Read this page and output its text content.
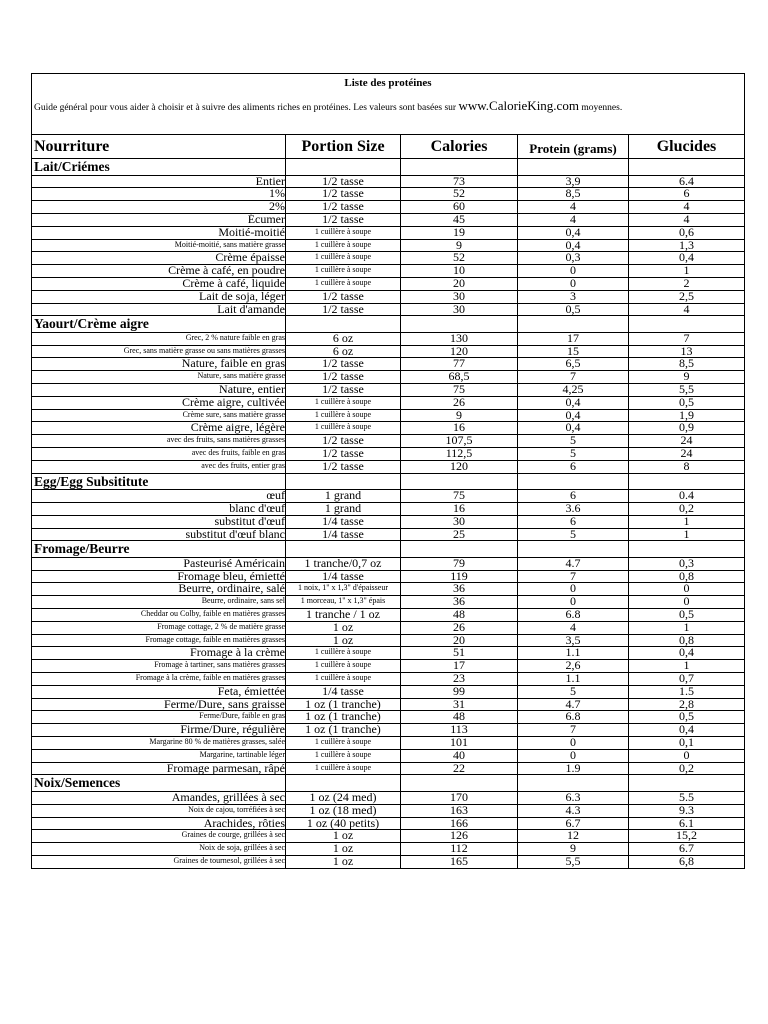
Liste des protéines
Guide général pour vous aider à choisir et à suivre des aliments riches en protéines. Les valeurs sont basées sur www.CalorieKing.com moyennes.
Nourriture	Portion Size	Calories	Protein (grams)	Glucides
Lait/Criémes
Entier	1/2 tasse	73	3,9	6.4
1%	1/2 tasse	52	8,5	6
2%	1/2 tasse	60	4	4
Écumer	1/2 tasse	45	4	4
Moitié-moitié	1 cuillère à soupe	19	0,4	0,6
Moitié-moitié, sans matière grasse	1 cuillère à soupe	9	0,4	1,3
Crème épaisse	1 cuillère à soupe	52	0,3	0,4
Crème à café, en poudre	1 cuillère à soupe	10	0	1
Crème à café, liquide	1 cuillère à soupe	20	0	2
Lait de soja, léger	1/2 tasse	30	3	2,5
Lait d'amande	1/2 tasse	30	0,5	4
Yaourt/Crème aigre
Grec, 2 % nature faible en gras	6 oz	130	17	7
Grec, sans matière grasse ou sans matières grasses	6 oz	120	15	13
Nature, faible en gras	1/2 tasse	77	6,5	8,5
Nature, sans matière grasse	1/2 tasse	68,5	7	9
Nature, entier	1/2 tasse	75	4,25	5,5
Crème aigre, cultivée	1 cuillère à soupe	26	0,4	0,5
Crème sure, sans matière grasse	1 cuillère à soupe	9	0,4	1,9
Crème aigre, légère	1 cuillère à soupe	16	0,4	0,9
avec des fruits, sans matières grasses	1/2 tasse	107,5	5	24
avec des fruits, faible en gras	1/2 tasse	112,5	5	24
avec des fruits, entier gras	1/2 tasse	120	6	8
Egg/Egg Subsititute
œuf	1 grand	75	6	0.4
blanc d'œuf	1 grand	16	3.6	0,2
substitut d'œuf	1/4 tasse	30	6	1
substitut d'œuf blanc	1/4 tasse	25	5	1
Fromage/Beurre
Pasteurisé Américain	1 tranche/0,7 oz	79	4.7	0,3
Fromage bleu, émietté	1/4 tasse	119	7	0,8
Beurre, ordinaire, salé	1 noix, 1" x 1,3" d'épaisseur	36	0	0
Beurre, ordinaire, sans sel	1 morceau, 1" x 1,3" épais	36	0	0
Cheddar ou Colby, faible en matières grasses	1 tranche / 1 oz	48	6.8	0,5
Fromage cottage, 2 % de matière grasse	1 oz	26	4	1
Fromage cottage, faible en matières grasses	1 oz	20	3,5	0,8
Fromage à la crème	1 cuillère à soupe	51	1.1	0,4
Fromage à tartiner, sans matières grasses	1 cuillère à soupe	17	2,6	1
Fromage à la crème, faible en matières grasses	1 cuillère à soupe	23	1.1	0,7
Feta, émiettée	1/4 tasse	99	5	1.5
Ferme/Dure, sans graisse	1 oz (1 tranche)	31	4.7	2,8
Ferme/Dure, faible en gras	1 oz (1 tranche)	48	6.8	0,5
Firme/Dure, régulière	1 oz (1 tranche)	113	7	0,4
Margarine 80 % de matières grasses, salée	1 cuillère à soupe	101	0	0,1
Margarine, tartinable léger	1 cuillère à soupe	40	0	0
Fromage parmesan, râpé	1 cuillère à soupe	22	1.9	0,2
Noix/Semences
Amandes, grillées à sec	1 oz (24 med)	170	6.3	5.5
Noix de cajou, torréfiées à sec	1 oz (18 med)	163	4.3	9.3
Arachides, rôties	1 oz (40 petits)	166	6.7	6.1
Graines de courge, grillées à sec	1 oz	126	12	15,2
Noix de soja, grillées à sec	1 oz	112	9	6.7
Graines de tournesol, grillées à sec	1 oz	165	5,5	6,8
